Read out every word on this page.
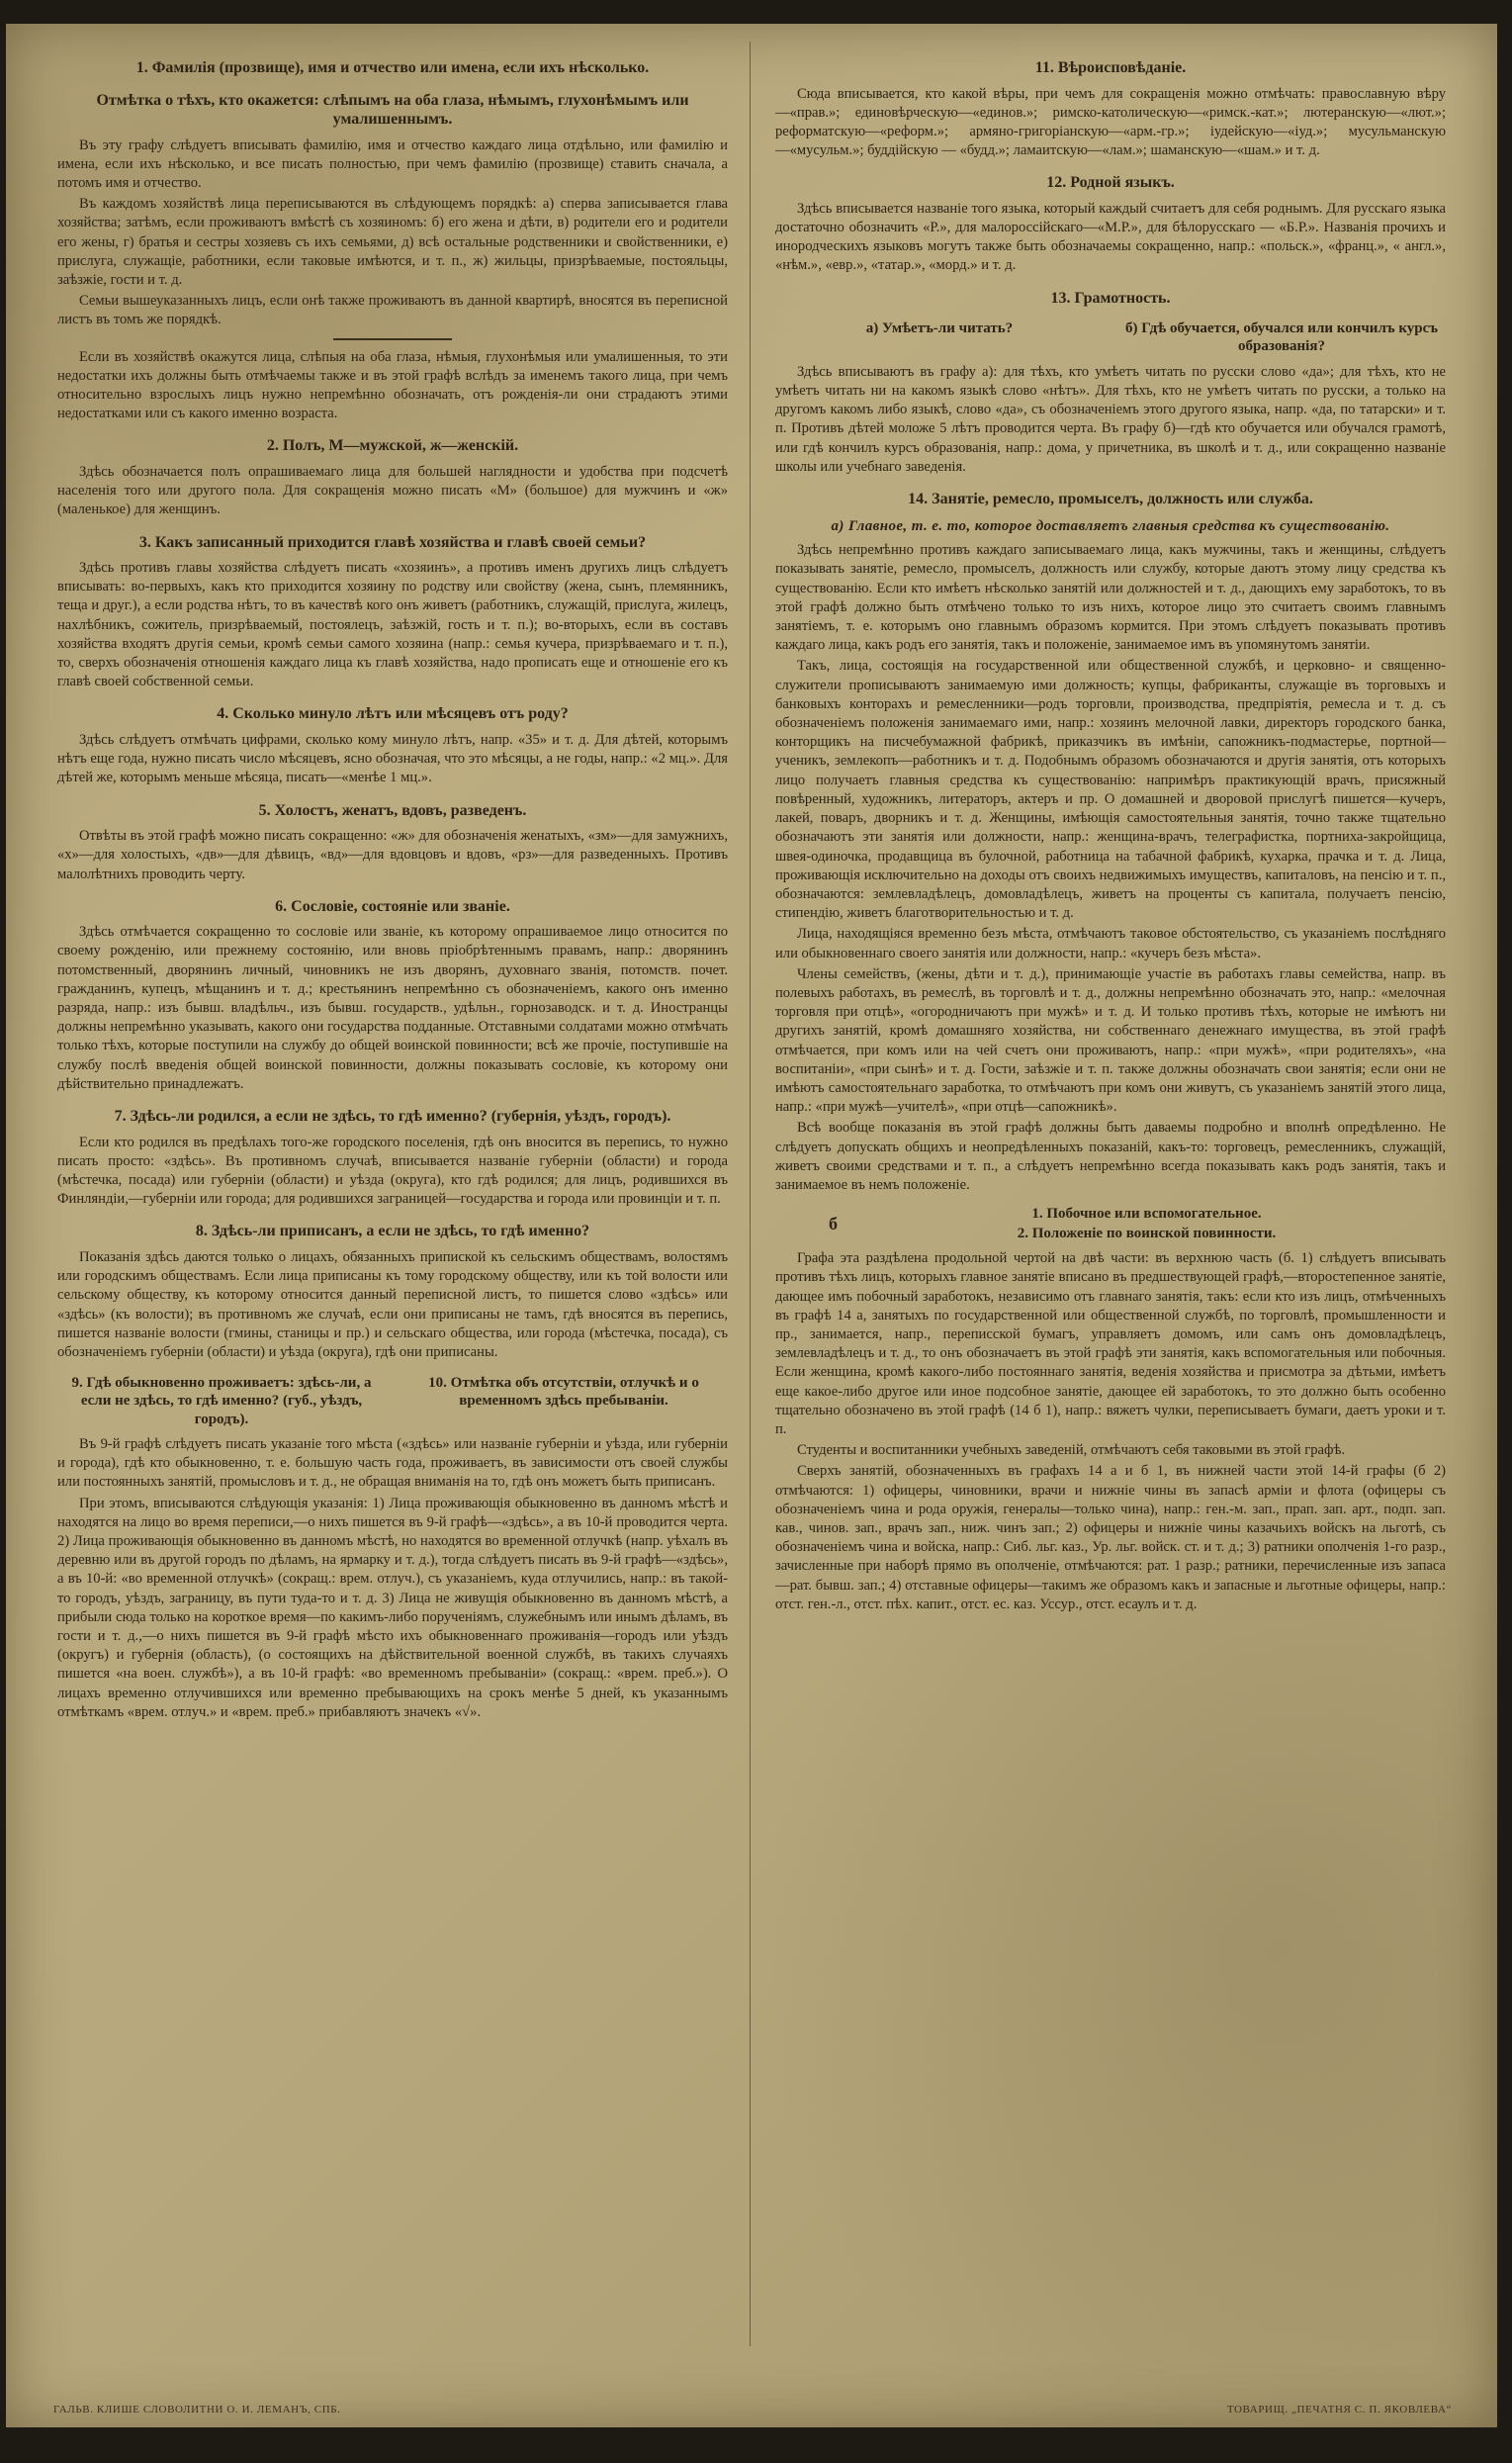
1. Фамилія (прозвище), имя и отчество или имена, если ихъ нѣсколько.
Отмѣтка о тѣхъ, кто окажется: слѣпымъ на оба глаза, нѣмымъ, глухонѣмымъ или умалишеннымъ.

Въ эту графу слѣдуетъ вписывать фамилію, имя и отчество каждаго лица отдѣльно, или фамилію и имена, если ихъ нѣсколько, и все писать полностью, при чемъ фамилію (прозвище) ставить сначала, а потомъ имя и отчество.

Въ каждомъ хозяйствѣ лица переписываются въ слѣдующемъ порядкѣ: а) сперва записывается глава хозяйства; затѣмъ, если проживаютъ вмѣстѣ съ хозяиномъ: б) его жена и дѣти, в) родители его и родители его жены, г) братья и сестры хозяевъ съ ихъ семьями, д) всѣ остальные родственники и свойственники, е) прислуга, служащіе, работники, если таковые имѣются, и т. п., ж) жильцы, призрѣваемые, постояльцы, заѣзжіе, гости и т. д.

Семьи вышеуказанныхъ лицъ, если онѣ также проживаютъ въ данной квартирѣ, вносятся въ переписной листъ въ томъ же порядкѣ.

Если въ хозяйствѣ окажутся лица, слѣпыя на оба глаза, нѣмыя, глухонѣмыя или умалишенныя, то эти недостатки ихъ должны быть отмѣчаемы также и въ этой графѣ вслѣдъ за именемъ такого лица, при чемъ относительно взрослыхъ лицъ нужно непремѣнно обозначать, отъ рожденія-ли они страдаютъ этими недостатками или съ какого именно возраста.

2. Полъ, М—мужской, ж—женскій.

Здѣсь обозначается полъ опрашиваемаго лица для большей наглядности и удобства при подсчетѣ населенія того или другого пола. Для сокращенія можно писать «М» (большое) для мужчинъ и «ж» (маленькое) для женщинъ.

3. Какъ записанный приходится главѣ хозяйства и главѣ своей семьи?

Здѣсь противъ главы хозяйства слѣдуетъ писать «хозяинъ», а противъ именъ другихъ лицъ слѣдуетъ вписывать: во-первыхъ, какъ кто приходится хозяину по родству или свойству (жена, сынъ, племянникъ, теща и друг.), а если родства нѣтъ, то въ качествѣ кого онъ живетъ (работникъ, служащій, прислуга, жилецъ, нахлѣбникъ, сожитель, призрѣваемый, постоялецъ, заѣзжій, гость и т. п.); во-вторыхъ, если въ составъ хозяйства входятъ другія семьи, кромѣ семьи самого хозяина (напр.: семья кучера, призрѣваемаго и т. п.), то, сверхъ обозначенія отношенія каждаго лица къ главѣ хозяйства, надо прописать еще и отношеніе его къ главѣ своей собственной семьи.

4. Сколько минуло лѣтъ или мѣсяцевъ отъ роду?

Здѣсь слѣдуетъ отмѣчать цифрами, сколько кому минуло лѣтъ, напр. «35» и т. д. Для дѣтей, которымъ нѣтъ еще года, нужно писать число мѣсяцевъ, ясно обозначая, что это мѣсяцы, а не годы, напр.: «2 мц.». Для дѣтей же, которымъ меньше мѣсяца, писать—«менѣе 1 мц.».

5. Холостъ, женатъ, вдовъ, разведенъ.

Отвѣты въ этой графѣ можно писать сокращенно: «ж» для обозначенія женатыхъ, «зм»—для замужнихъ, «х»—для холостыхъ, «дв»—для дѣвицъ, «вд»—для вдовцовъ и вдовъ, «рз»—для разведенныхъ. Противъ малолѣтнихъ проводить черту.

6. Сословіе, состояніе или званіе.

Здѣсь отмѣчается сокращенно то сословіе или званіе, къ которому опрашиваемое лицо относится по своему рожденію, или прежнему состоянію, или вновь пріобрѣтеннымъ правамъ, напр.: дворянинъ потомственный, дворянинъ личный, чиновникъ не изъ дворянъ, духовнаго званія, потомств. почет. гражданинъ, купецъ, мѣщанинъ и т. д.; крестьянинъ непремѣнно съ обозначеніемъ, какого онъ именно разряда, напр.: изъ бывш. владѣльч., изъ бывш. государств., удѣльн., горнозаводск. и т. д. Иностранцы должны непремѣнно указывать, какого они государства подданные. Отставными солдатами можно отмѣчать только тѣхъ, которые поступили на службу до общей воинской повинности; всѣ же прочіе, поступившіе на службу послѣ введенія общей воинской повинности, должны показывать сословіе, къ которому они дѣйствительно принадлежатъ.

7. Здѣсь-ли родился, а если не здѣсь, то гдѣ именно? (губернія, уѣздъ, городъ).

Если кто родился въ предѣлахъ того-же городского поселенія, гдѣ онъ вносится въ перепись, то нужно писать просто: «здѣсь». Въ противномъ случаѣ, вписывается названіе губерніи (области) и города (мѣстечка, посада) или губерніи (области) и уѣзда (округа), кто гдѣ родился; для лицъ, родившихся въ Финляндіи,—губерніи или города; для родившихся заграницей—государства и города или провинціи и т. п.

8. Здѣсь-ли приписанъ, а если не здѣсь, то гдѣ именно?

Показанія здѣсь даются только о лицахъ, обязанныхъ припиской къ сельскимъ обществамъ, волостямъ или городскимъ обществамъ. Если лица приписаны къ тому городскому обществу, или къ той волости или сельскому обществу, къ которому относится данный переписной листъ, то пишется слово «здѣсь» или «здѣсь» (къ волости); въ противномъ же случаѣ, если они приписаны не тамъ, гдѣ вносятся въ перепись, пишется названіе волости (гмины, станицы и пр.) и сельскаго общества, или города (мѣстечка, посада), съ обозначеніемъ губерніи (области) и уѣзда (округа), гдѣ они приписаны.

9. Гдѣ обыкновенно проживаетъ: здѣсь-ли, а если не здѣсь, то гдѣ именно? (губ., уѣздъ, городъ).
10. Отмѣтка объ отсутствіи, отлучкѣ и о временномъ здѣсь пребываніи.

Въ 9-й графѣ слѣдуетъ писать указаніе того мѣста («здѣсь» или названіе губерніи и уѣзда, или губерніи и города), гдѣ кто обыкновенно, т. е. большую часть года, проживаетъ, въ зависимости отъ своей службы или постоянныхъ занятій, промысловъ и т. д., не обращая вниманія на то, гдѣ онъ можетъ быть приписанъ.

При этомъ, вписываются слѣдующія указанія: 1) Лица проживающія обыкновенно въ данномъ мѣстѣ и находятся на лицо во время переписи,—о нихъ пишется въ 9-й графѣ—«здѣсь», а въ 10-й проводится черта. 2) Лица проживающія обыкновенно въ данномъ мѣстѣ, но находятся во временной отлучкѣ (напр. уѣхалъ въ деревню или въ другой городъ по дѣламъ, на ярмарку и т. д.), тогда слѣдуетъ писать въ 9-й графѣ—«здѣсь», а въ 10-й: «во временной отлучкѣ» (сокращ.: врем. отлуч.), съ указаніемъ, куда отлучились, напр.: въ такой-то городъ, уѣздъ, заграницу, въ пути туда-то и т. д. 3) Лица не живущія обыкновенно въ данномъ мѣстѣ, а прибыли сюда только на короткое время—по какимъ-либо порученіямъ, служебнымъ или инымъ дѣламъ, въ гости и т. д.,—о нихъ пишется въ 9-й графѣ мѣсто ихъ обыкновеннаго проживанія—городъ или уѣздъ (округъ) и губернія (область), (о состоящихъ на дѣйствительной военной службѣ, въ такихъ случаяхъ пишется «на воен. службѣ»), а въ 10-й графѣ: «во временномъ пребываніи» (сокращ.: «врем. преб.»). О лицахъ временно отлучившихся или временно пребывающихъ на срокъ менѣе 5 дней, къ указаннымъ отмѣткамъ «врем. отлуч.» и «врем. преб.» прибавляютъ значекъ «√».

11. Вѣроисповѣданіе.

Сюда вписывается, кто какой вѣры, при чемъ для сокращенія можно отмѣчать: православную вѣру—«прав.»; единовѣрческую—«единов.»; римско-католическую—«римск.-кат.»; лютеранскую—«лют.»; реформатскую—«реформ.»; армяно-григоріанскую—«арм.-гр.»; іудейскую—«іуд.»; мусульманскую—«мусульм.»; буддійскую — «будд.»; ламаитскую—«лам.»; шаманскую—«шам.» и т. д.

12. Родной языкъ.

Здѣсь вписывается названіе того языка, который каждый считаетъ для себя роднымъ. Для русскаго языка достаточно обозначить «Р.», для малороссійскаго—«М.Р.», для бѣлорусскаго — «Б.Р.». Названія прочихъ и инородческихъ языковъ могутъ также быть обозначаемы сокращенно, напр.: «польск.», «франц.», « англ.», «нѣм.», «евр.», «татар.», «морд.» и т. д.

13. Грамотность.
а) Умѣетъ-ли читать?	б) Гдѣ обучается, обучался или кончилъ курсъ образованія?

Здѣсь вписываютъ въ графу а): для тѣхъ, кто умѣетъ читать по русски слово «да»; для тѣхъ, кто не умѣетъ читать ни на какомъ языкѣ слово «нѣтъ». Для тѣхъ, кто не умѣетъ читать по русски, а только на другомъ какомъ либо языкѣ, слово «да», съ обозначеніемъ этого другого языка, напр. «да, по татарски» и т. п. Противъ дѣтей моложе 5 лѣтъ проводится черта. Въ графу б)—гдѣ кто обучается или обучался грамотѣ, или гдѣ кончилъ курсъ образованія, напр.: дома, у причетника, въ школѣ и т. д., или сокращенно названіе школы или учебнаго заведенія.

14. Занятіе, ремесло, промыселъ, должность или служба.
а) Главное, т. е. то, которое доставляетъ главныя средства къ существованію.

Здѣсь непремѣнно противъ каждаго записываемаго лица, какъ мужчины, такъ и женщины, слѣдуетъ показывать занятіе, ремесло, промыселъ, должность или службу, которые даютъ этому лицу средства къ существованію. Если кто имѣетъ нѣсколько занятій или должностей и т. д., дающихъ ему заработокъ, то въ этой графѣ должно быть отмѣчено только то изъ нихъ, которое лицо это считаетъ своимъ главнымъ занятіемъ, т. е. которымъ оно главнымъ образомъ кормится. При этомъ слѣдуетъ показывать противъ каждаго лица, какъ родъ его занятія, такъ и положеніе, занимаемое имъ въ упомянутомъ занятіи.

Такъ, лица, состоящія на государственной или общественной службѣ, и церковно- и священно-служители прописываютъ занимаемую ими должность; купцы, фабриканты, служащіе въ торговыхъ и банковыхъ конторахъ и ремесленники—родъ торговли, производства, предпріятія, ремесла и т. д. съ обозначеніемъ положенія занимаемаго ими, напр.: хозяинъ мелочной лавки, директоръ городского банка, конторщикъ на писчебумажной фабрикѣ, приказчикъ въ имѣніи, сапожникъ-подмастерье, портной—ученикъ, землекопъ—работникъ и т. д. Подобнымъ образомъ обозначаются и другія занятія, отъ которыхъ лицо получаетъ главныя средства къ существованію: напримѣръ практикующій врачъ, присяжный повѣренный, художникъ, литераторъ, актеръ и пр. О домашней и дворовой прислугѣ пишется—кучеръ, лакей, поваръ, дворникъ и т. д. Женщины, имѣющія самостоятельныя занятія, точно также тщательно обозначаютъ эти занятія или должности, напр.: женщина-врачъ, телеграфистка, портниха-закройщица, швея-одиночка, продавщица въ булочной, работница на табачной фабрикѣ, кухарка, прачка и т. д. Лица, проживающія исключительно на доходы отъ своихъ недвижимыхъ имуществъ, капиталовъ, на пенсію и т. п., обозначаются: землевладѣлецъ, домовладѣлецъ, живетъ на проценты съ капитала, получаетъ пенсію, стипендію, живетъ благотворительностью и т. д.

Лица, находящіяся временно безъ мѣста, отмѣчаютъ таковое обстоятельство, съ указаніемъ послѣдняго или обыкновеннаго своего занятія или должности, напр.: «кучеръ безъ мѣста».

Члены семействъ, (жены, дѣти и т. д.), принимающіе участіе въ работахъ главы семейства, напр. въ полевыхъ работахъ, въ ремеслѣ, въ торговлѣ и т. д., должны непремѣнно обозначать это, напр.: «мелочная торговля при отцѣ», «огородничаютъ при мужѣ» и т. д. И только противъ тѣхъ, которые не имѣютъ ни другихъ занятій, кромѣ домашняго хозяйства, ни собственнаго денежнаго имущества, въ этой графѣ отмѣчается, при комъ или на чей счетъ они проживаютъ, напр.: «при мужѣ», «при родителяхъ», «на воспитаніи», «при сынѣ» и т. д. Гости, заѣзжіе и т. п. также должны обозначать свои занятія; если они не имѣютъ самостоятельнаго заработка, то отмѣчаютъ при комъ они живутъ, съ указаніемъ занятій этого лица, напр.: «при мужѣ—учителѣ», «при отцѣ—сапожникѣ».

Всѣ вообще показанія въ этой графѣ должны быть даваемы подробно и вполнѣ опредѣленно. Не слѣдуетъ допускать общихъ и неопредѣленныхъ показаній, какъ-то: торговецъ, ремесленникъ, служащій, живетъ своими средствами и т. п., а слѣдуетъ непремѣнно всегда показывать какъ родъ занятія, такъ и занимаемое въ немъ положеніе.

б	1. Побочное или вспомогательное.
2. Положеніе по воинской повинности.

Графа эта раздѣлена продольной чертой на двѣ части: въ верхнюю часть (б. 1) слѣдуетъ вписывать противъ тѣхъ лицъ, которыхъ главное занятіе вписано въ предшествующей графѣ,—второстепенное занятіе, дающее имъ побочный заработокъ, независимо отъ главнаго занятія, такъ: если кто изъ лицъ, отмѣченныхъ въ графѣ 14 а, занятыхъ по государственной или общественной службѣ, по торговлѣ, промышленности и пр., занимается, напр., переписской бумагъ, управляетъ домомъ, или самъ онъ домовладѣлецъ, землевладѣлецъ и т. д., то онъ обозначаетъ въ этой графѣ эти занятія, какъ вспомогательныя или побочныя. Если женщина, кромѣ какого-либо постояннаго занятія, веденія хозяйства и присмотра за дѣтьми, имѣетъ еще какое-либо другое или иное подсобное занятіе, дающее ей заработокъ, то это должно быть особенно тщательно обозначено въ этой графѣ (14 б 1), напр.: вяжетъ чулки, переписываетъ бумаги, даетъ уроки и т. п.

Студенты и воспитанники учебныхъ заведеній, отмѣчаютъ себя таковыми въ этой графѣ.

Сверхъ занятій, обозначенныхъ въ графахъ 14 а и б 1, въ нижней части этой 14-й графы (б 2) отмѣчаются: 1) офицеры, чиновники, врачи и нижніе чины въ запасѣ арміи и флота (офицеры съ обозначеніемъ чина и рода оружія, генералы—только чина), напр.: ген.-м. зап., прап. зап. арт., подп. зап. кав., чинов. зап., врачъ зап., ниж. чинъ зап.; 2) офицеры и нижніе чины казачьихъ войскъ на льготѣ, съ обозначеніемъ чина и войска, напр.: Сиб. льг. каз., Ур. льг. войск. ст. и т. д.; 3) ратники ополченія 1-го разр., зачисленные при наборѣ прямо въ ополченіе, отмѣчаются: рат. 1 разр.; ратники, перечисленные изъ запаса—рат. бывш. зап.; 4) отставные офицеры—такимъ же образомъ какъ и запасные и льготные офицеры, напр.: отст. ген.-л., отст. пѣх. капит., отст. ес. каз. Уссур., отст. есаулъ и т. д.

ГАЛЬВ. КЛИШЕ СЛОВОЛИТНИ О. И. ЛЕМАНЪ, СПБ.	ТОВАРИЩ. „ПЕЧАТНЯ С. П. ЯКОВЛЕВА“
